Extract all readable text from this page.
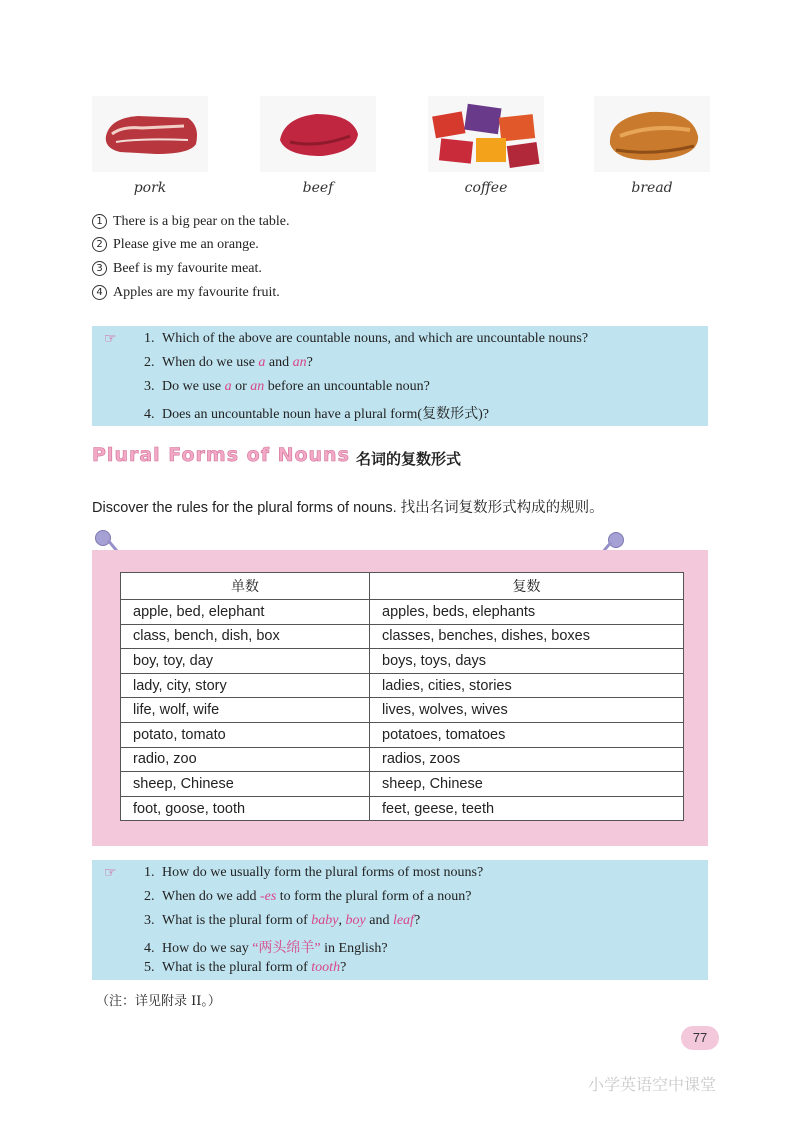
pork	beef	coffee	bread
1 There is a big pear on the table.
2 Please give me an orange.
3 Beef is my favourite meat.
4 Apples are my favourite fruit.
☞ 1. Which of the above are countable nouns, and which are uncountable nouns?
2. When do we use a and an?
3. Do we use a or an before an uncountable noun?
4. Does an uncountable noun have a plural form(复数形式)?
Plural Forms of Nouns 名词的复数形式
Discover the rules for the plural forms of nouns. 找出名词复数形式构成的规则。
单数	复数
apple, bed, elephant	apples, beds, elephants
class, bench, dish, box	classes, benches, dishes, boxes
boy, toy, day	boys, toys, days
lady, city, story	ladies, cities, stories
life, wolf, wife	lives, wolves, wives
potato, tomato	potatoes, tomatoes
radio, zoo	radios, zoos
sheep, Chinese	sheep, Chinese
foot, goose, tooth	feet, geese, teeth
☞ 1. How do we usually form the plural forms of most nouns?
2. When do we add -es to form the plural form of a noun?
3. What is the plural form of baby, boy and leaf?
4. How do we say “两头绵羊” in English?
5. What is the plural form of tooth?
（注：详见附录 II。）
77
小学英语空中课堂
